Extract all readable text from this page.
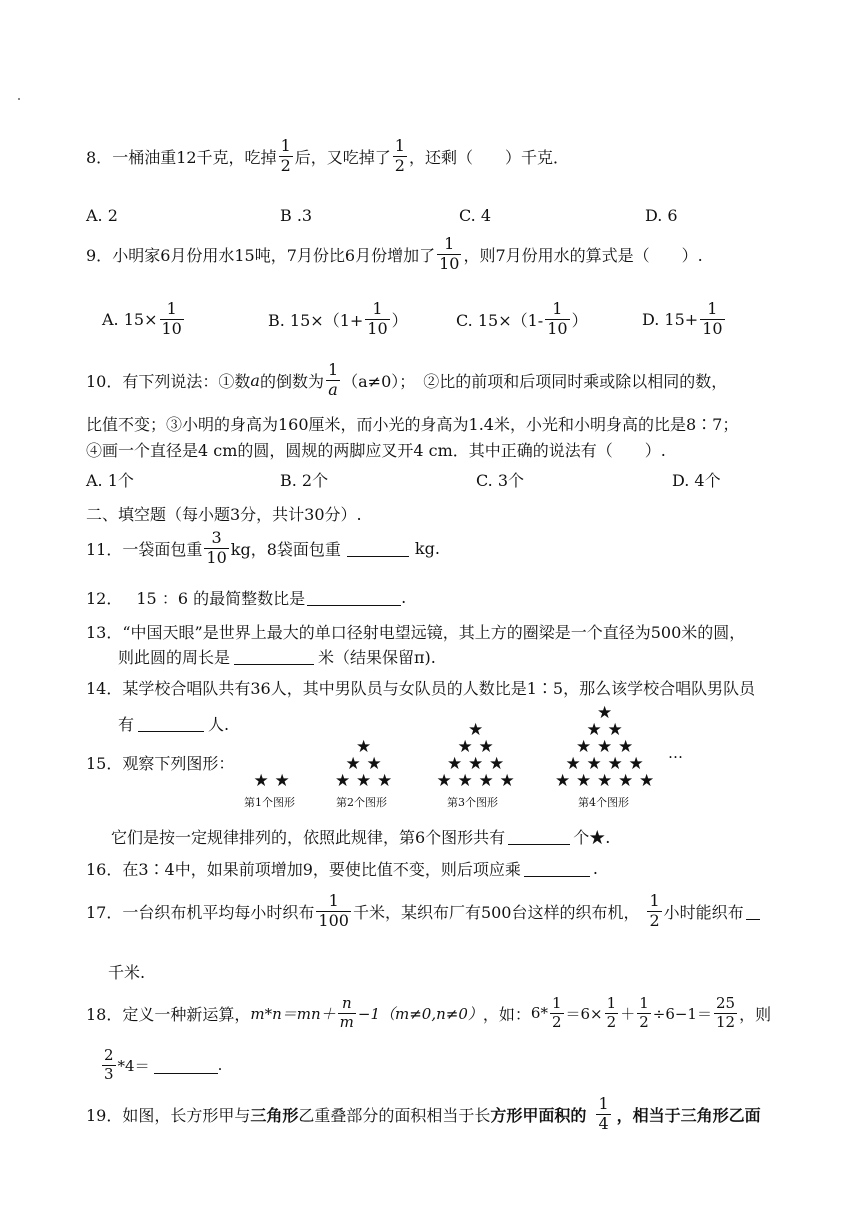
8． 一桶油重12千克，吃掉 $\frac{1}{2}$ 后，又吃掉了 $\frac{1}{2}$ ，还剩（　　）千克．
A. 2	B .3	C. 4	D. 6
9． 小明家6月份用水15吨，7月份比6月份增加了 $\frac{1}{10}$ ，则7月份用水的算式是（　　）.
A. $15\times \frac{1}{10}$	B. $15\times(1+ \frac{1}{10}$ ）	C. $15\times(1- \frac{1}{10}$ ）	D. $15+ \frac{1}{10}$
10． 有下列说法：①数 a 的倒数为 $\frac{1}{a} (a\ne 0)$；　②比的前项和后项同时乘或除以相同的数，
比值不变；③小明的身高为160厘米，而小光的身高为1.4米，小光和小明身高的比是8∶7；
④画一个直径是4 cm的圆，圆规的两脚应叉开4 cm．其中正确的说法有（　　）.
A. 1个	B. 2个	C. 3个	D. 4个
二、填空题（每小题3分，共计30分）.
11． 一袋面包重 $\frac{3}{10}$ kg，8袋面包重	kg.
12． 15 ：6 的最简整数比是	.
13． “中国天眼”是世界上最大的单口径射电望远镜，其上方的圈梁是一个直径为500米的圆，
则此圆的周长是	米（结果保留π).
14． 某学校合唱队共有36人，其中男队员与女队员的人数比是1∶5，那么该学校合唱队男队员
有	人.
15． 观察下列图形：
★ ★
★
★ ★
★ ★ ★
★
★ ★
★ ★ ★
★ ★ ★ ★
★
★ ★
★ ★ ★
★ ★ ★ ★
★ ★ ★ ★ ★
第1个图形	第2个图形	第3个图形	第4个图形
…
它们是按一定规律排列的，依照此规律，第6个图形共有	个★.
16． 在3∶4中，如果前项增加9，要使比值不变，则后项应乘	.
17． 一台织布机平均每小时织布 $\frac{1}{100}$ 千米，某织布厂有500台这样的织布机， $\frac{1}{2}$ 小时能织布
千米.
18． 定义一种新运算， $m*n=mn+ \frac{n}{m} -1(m\ne 0,n\ne 0)$ ，如： $6* \frac{1}{2} =6\times \frac{1}{2} + \frac{1}{2} \div 6-1= \frac{25}{12}$ ，则
$\frac{2}{3} *4=$	.
19． 如图，长方形甲与 三角形 乙重叠部分的面积相当于长 方形甲面积的 $\frac{1}{4}$ ，相当于三角形乙面
